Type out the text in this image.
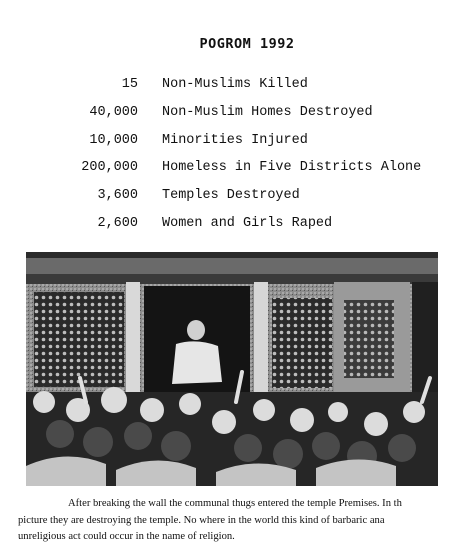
POGROM 1992
15 Non-Muslims Killed
40,000 Non-Muslim Homes Destroyed
10,000 Minorities Injured
200,000 Homeless in Five Districts Alone
3,600 Temples Destroyed
2,600 Women and Girls Raped
After breaking the wall the communal thugs entered the temple Premises. In th
picture they are destroying the temple. No where in the world this kind of barbaric ana
unreligious act could occur in the name of religion.
